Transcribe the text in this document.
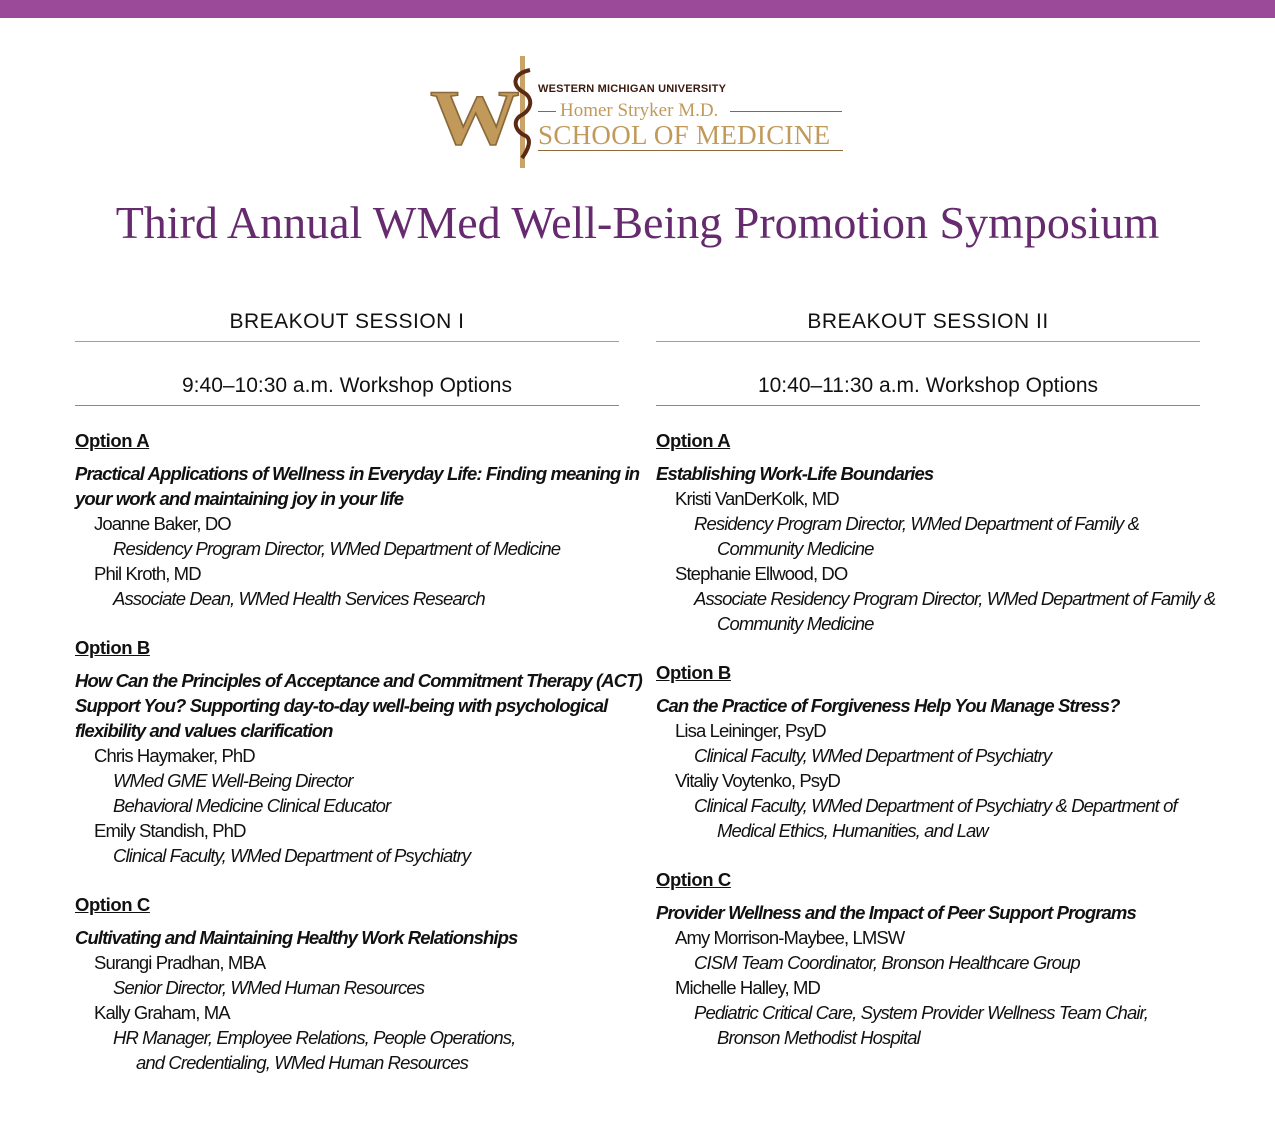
W WESTERN MICHIGAN UNIVERSITY
Homer Stryker M.D.
SCHOOL OF MEDICINE
Third Annual WMed Well-Being Promotion Symposium
BREAKOUT SESSION I
9:40–10:30 a.m. Workshop Options
Option A
Practical Applications of Wellness in Everyday Life: Finding meaning in
your work and maintaining joy in your life
Joanne Baker, DO
Residency Program Director, WMed Department of Medicine
Phil Kroth, MD
Associate Dean, WMed Health Services Research
Option B
How Can the Principles of Acceptance and Commitment Therapy (ACT)
Support You? Supporting day-to-day well-being with psychological
flexibility and values clarification
Chris Haymaker, PhD
WMed GME Well-Being Director
Behavioral Medicine Clinical Educator
Emily Standish, PhD
Clinical Faculty, WMed Department of Psychiatry
Option C
Cultivating and Maintaining Healthy Work Relationships
Surangi Pradhan, MBA
Senior Director, WMed Human Resources
Kally Graham, MA
HR Manager, Employee Relations, People Operations,
and Credentialing, WMed Human Resources
BREAKOUT SESSION II
10:40–11:30 a.m. Workshop Options
Option A
Establishing Work-Life Boundaries
Kristi VanDerKolk, MD
Residency Program Director, WMed Department of Family &
Community Medicine
Stephanie Ellwood, DO
Associate Residency Program Director, WMed Department of Family &
Community Medicine
Option B
Can the Practice of Forgiveness Help You Manage Stress?
Lisa Leininger, PsyD
Clinical Faculty, WMed Department of Psychiatry
Vitaliy Voytenko, PsyD
Clinical Faculty, WMed Department of Psychiatry & Department of
Medical Ethics, Humanities, and Law
Option C
Provider Wellness and the Impact of Peer Support Programs
Amy Morrison-Maybee, LMSW
CISM Team Coordinator, Bronson Healthcare Group
Michelle Halley, MD
Pediatric Critical Care, System Provider Wellness Team Chair,
Bronson Methodist Hospital
